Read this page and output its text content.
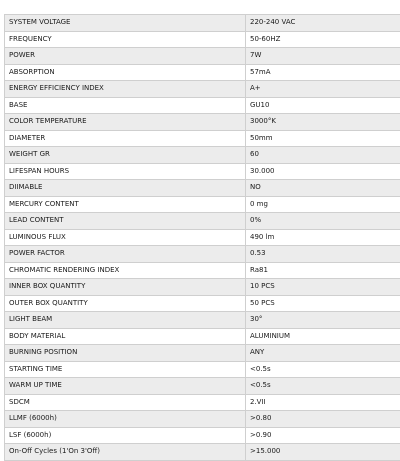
SYSTEM VOLTAGE	220-240 VAC
FREQUENCY	50-60HZ
POWER	7W
ABSORPTION	57mA
ENERGY EFFICIENCY INDEX	A+
BASE	GU10
COLOR TEMPERATURE	3000°K
DIAMETER	50mm
WEIGHT GR	60
LIFESPAN HOURS	30.000
DIIMABLE	NO
MERCURY CONTENT	0 mg
LEAD CONTENT	0%
LUMINOUS FLUX	490 lm
POWER FACTOR	0.53
CHROMATIC RENDERING INDEX	Ra81
INNER BOX QUANTITY	10 PCS
OUTER BOX QUANTITY	50 PCS
LIGHT BEAM	30°
BODY MATERIAL	ALUMINIUM
BURNING POSITION	ANY
STARTING TIME	<0.5s
WARM UP TIME	<0.5s
SDCM	2.VII
LLMF (6000h)	>0.80
LSF (6000h)	>0.90
On-Off Cycles (1'On 3'Off)	>15.000
